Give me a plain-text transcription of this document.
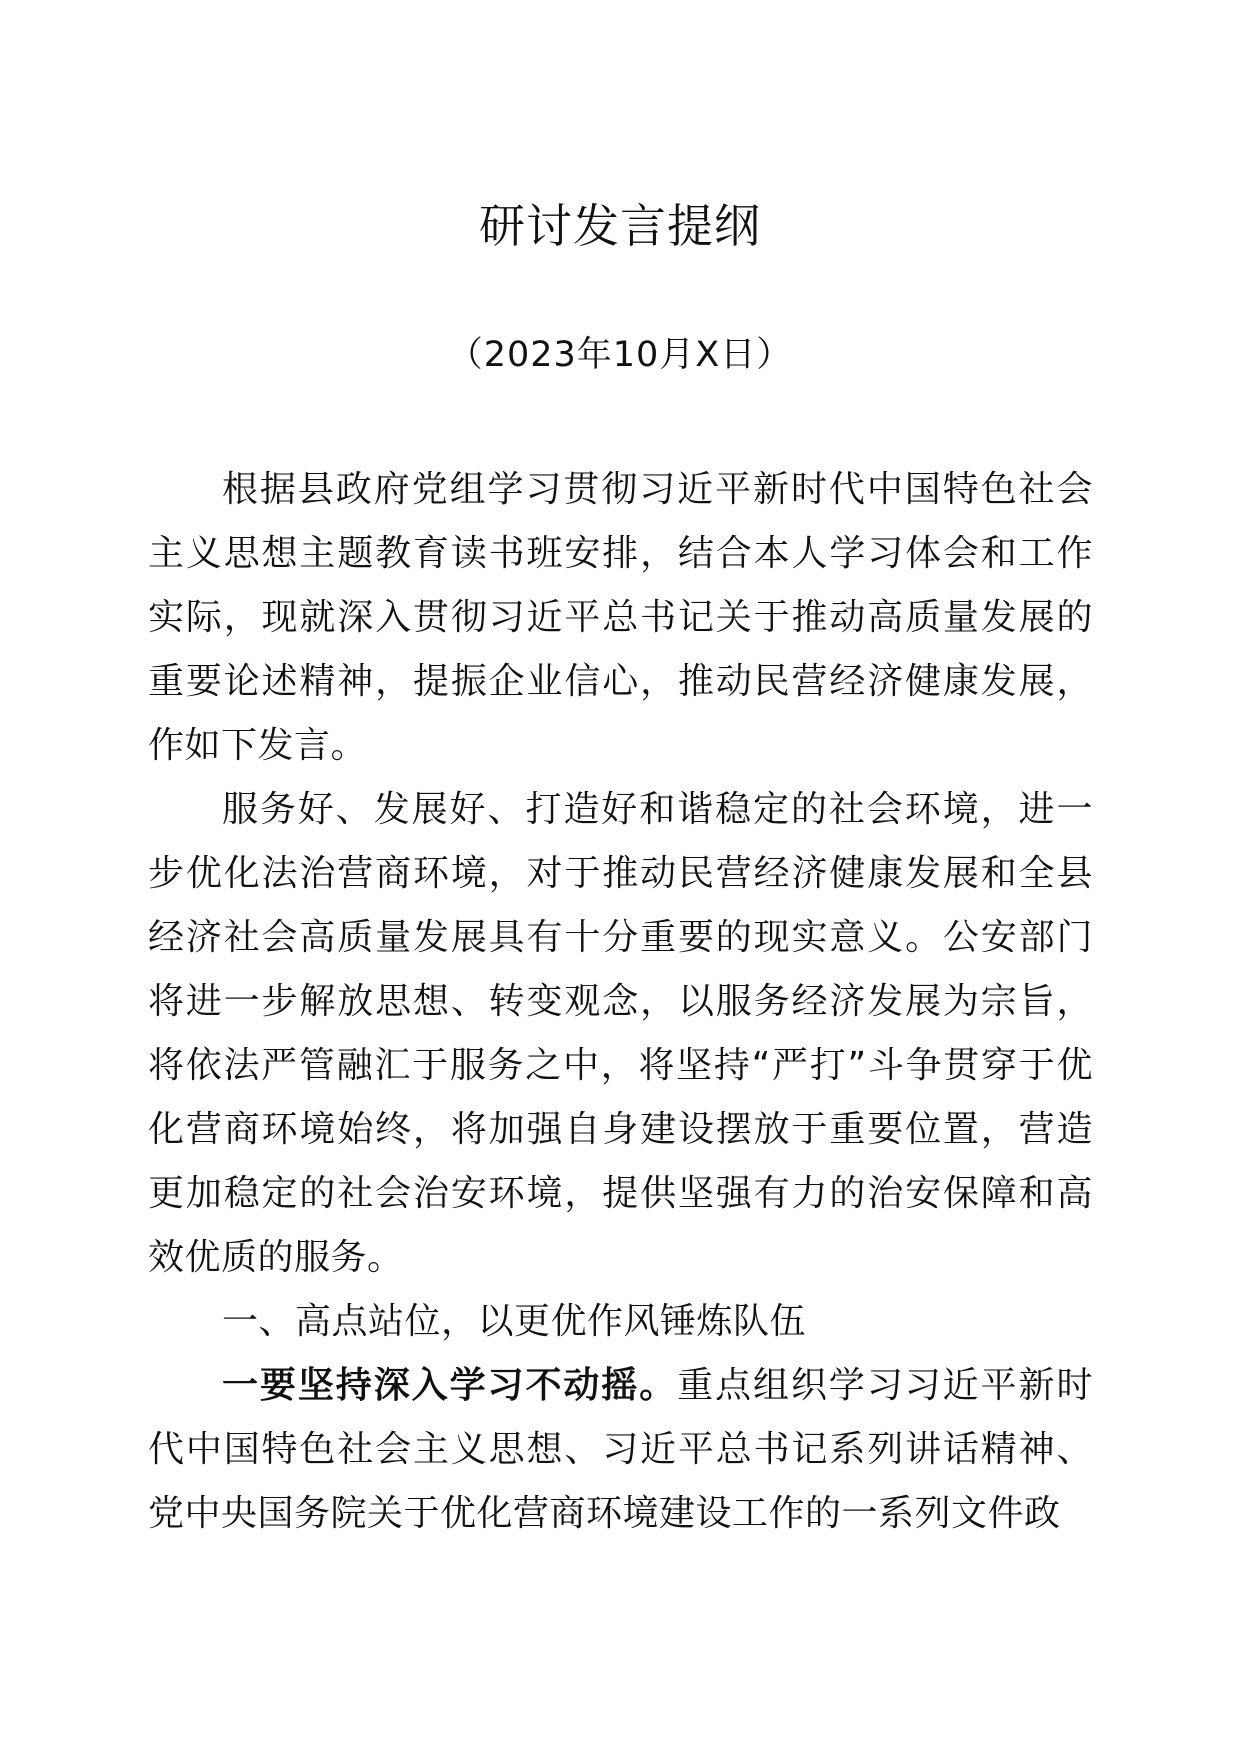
研讨发言提纲
（2023年10月X日）

根据县政府党组学习贯彻习近平新时代中国特色社会主义思想主题教育读书班安排，结合本人学习体会和工作实际，现就深入贯彻习近平总书记关于推动高质量发展的重要论述精神，提振企业信心，推动民营经济健康发展，作如下发言。

服务好、发展好、打造好和谐稳定的社会环境，进一步优化法治营商环境，对于推动民营经济健康发展和全县经济社会高质量发展具有十分重要的现实意义。公安部门将进一步解放思想、转变观念，以服务经济发展为宗旨，将依法严管融汇于服务之中，将坚持“严打”斗争贯穿于优化营商环境始终，将加强自身建设摆放于重要位置，营造更加稳定的社会治安环境，提供坚强有力的治安保障和高效优质的服务。

一、高点站位，以更优作风锤炼队伍

一要坚持深入学习不动摇。重点组织学习习近平新时代中国特色社会主义思想、习近平总书记系列讲话精神、党中央国务院关于优化营商环境建设工作的一系列文件政
